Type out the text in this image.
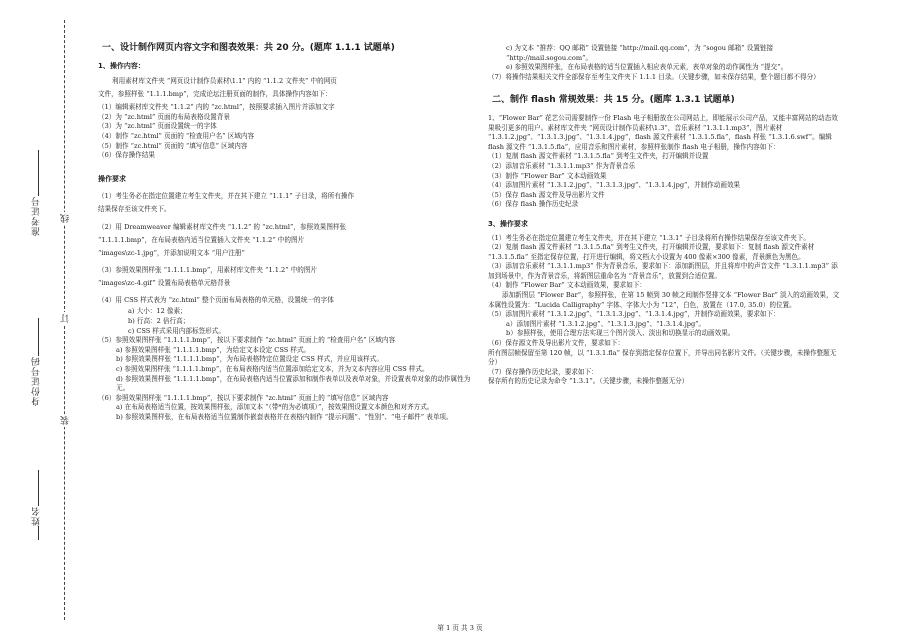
准考证号
身份证号码
姓名
线
订
装
一、设计制作网页内容文字和图表效果：共 20 分。(题库 1.1.1 试题单)
1、操作内容：

利用素材库文件夹 “网页设计制作员素材\1.1” 内的 “1.1.2 文件夹” 中的网页

文件，参照样张 “1.1.1.bmp”，完成论坛注册页面的制作，具体操作内容如下：

（1）编辑素材库文件夹 “1.1.2” 内的 “zc.html”，按照要求插入图片并添加文字

（2）为 “zc.html” 页面的布局表格设置背景

（3）为 “zc.html” 页面设置统一的字体

（4）制作 “zc.html” 页面的 “检查用户名” 区域内容

（5）制作 “zc.html” 页面的 “填写信息” 区域内容

（6）保存操作结果

操作要求

（1）考生务必在指定位置建立考生文件夹，并在其下建立 “1.1.1” 子目录，将所有操作

结果保存至该文件夹下。

（2）用 Dreamweaver 编辑素材库文件夹 “1.1.2” 的 “zc.html”，参照效果图样张

“1.1.1.1.bmp”，在布局表格内适当位置插入文件夹 “1.1.2” 中的图片

“images\zc-1.jpg”，并添加说明文本 “用户注册”

（3）参照效果图样张 “1.1.1.1.bmp”，用素材库文件夹 “1.1.2” 中的图片

“images\zc-4.gif” 设置布局表格单元格背景

（4）用 CSS 样式表为 “zc.html” 整个页面布局表格的单元格，设置统一的字体

a) 大小：12 像素；

b) 行高：2 倍行高；

c) CSS 样式采用内部标签形式。

（5）参照效果图样张 “1.1.1.1.bmp”，按以下要求制作 “zc.html” 页面上的 “检查用户名” 区域内容

a) 参照效果图样张 “1.1.1.1.bmp”，为给定文本设定 CSS 样式。

b) 参照效果图样张 “1.1.1.1.bmp”，为布局表格特定位置设定 CSS 样式，并应用该样式。

c) 参照效果图样张 “1.1.1.1.bmp”，在布局表格内适当位置添加给定文本，并为文本内容应用 CSS 样式。

d) 参照效果图样张 “1.1.1.1.bmp”，在布局表格内适当位置添加和制作表单以及表单对象，并设置表单对象的动作属性为无。

（6）参照效果图样张 “1.1.1.1.bmp”，按以下要求制作 “zc.html” 页面上的 “填写信息” 区域内容

a) 在布局表格适当位置，按效果图样张，添加文本 “（带*的为必填项）”，按效果图设置文本颜色和对齐方式。

b) 参照效果图样张，在布局表格适当位置制作嵌套表格并在表格内制作 “提示问题”、“性别”、“电子邮件” 表单项。

c) 为文本 “推荐：QQ 邮箱” 设置链接 “http://mail.qq.com”，为 “sogou 邮箱” 设置链接 “http://mail.sogou.com”。

e) 参照效果图样张，在布局表格的适当位置插入相应表单元素，表单对象的动作属性为 “提交”。

（7）将操作结果相关文件全部保存至考生文件夹下 1.1.1 目录。（关键步骤，如未保存结果，整个题目都不得分）

二、制作 flash 常规效果：共 15 分。(题库 1.3.1 试题单)

1、“Flower Bar” 花艺公司需要制作一份 Flash 电子相册放在公司网站上，即能展示公司产品，又能丰富网站的动态效果吸引更多的用户。素材库文件夹 “网页设计制作员素材\1.3”，音乐素材 “1.3.1.1.mp3”，图片素材 “1.3.1.2.jpg”、“1.3.1.3.jpg”、“1.3.1.4.jpg”，flash 源文件素材 “1.3.1.5.fla”，flash 样张 “1.3.1.6.swf”。编辑 flash 源文件 “1.3.1.5.fla”，应用音乐和图片素材，参照样张制作 flash 电子相册，操作内容如下：

（1）复制 flash 源文件素材 “1.3.1.5.fla” 到考生文件夹，打开编辑并设置

（2）添加音乐素材 “1.3.1.1.mp3” 作为背景音乐

（3）制作 “Flower Bar” 文本动画效果

（4）添加图片素材 “1.3.1.2.jpg”、“1.3.1.3.jpg”、“1.3.1.4.jpg”，并制作动画效果

（5）保存 flash 源文件及导出影片文件

（6）保存 flash 操作历史纪录

3、操作要求

（1）考生务必在指定位置建立考生文件夹，并在其下建立 “1.3.1” 子目录将所有操作结果保存至该文件夹下。

（2）复制 flash 源文件素材 “1.3.1.5.fla” 到考生文件夹，打开编辑并设置，要求如下：复制 flash 源文件素材 “1.3.1.5.fla” 至指定保存位置，打开进行编辑，将文档大小设置为 400 像素×300 像素，背景颜色为黑色。

（3）添加音乐素材 “1.3.1.1.mp3” 作为背景音乐，要求如下：添加新图层，并且将库中的声音文件 “1.3.1.1.mp3” 添加到场景中，作为背景音乐，将新图层重命名为 “背景音乐”，放置到合适位置。

（4）制作 “Flower Bar” 文本动画效果，要求如下：

添加新图层 “Flower Bar”，参照样张，在第 15 帧到 30 帧之间制作竖排文本 “Flower Bar” 淡入的动画效果，文本属性设置为：“Lucida Calligraphy” 字体、字体大小为 “12”，白色，放置在（17.0, 35.0）的位置。

（5）添加图片素材 “1.3.1.2.jpg”、“1.3.1.3.jpg”、“1.3.1.4.jpg”，并制作动画效果，要求如下：

a）添加图片素材 “1.3.1.2.jpg”、“1.3.1.3.jpg”、“1.3.1.4.jpg”。

b）参照样张，使用合理方法实现三个图片淡入、淡出和切换显示的动画效果。

（6）保存源文件及导出影片文件，要求如下：

所有图层帧保留至第 120 帧，以 “1.3.1.fla” 保存到指定保存位置下，并导出同名影片文件。（关键步骤，未操作整题无分）

（7）保存操作历史纪录，要求如下：

保存所有的历史记录为命令 “1.3.1”。（关键步骤，未操作整题无分）

第 1 页 共 3 页
